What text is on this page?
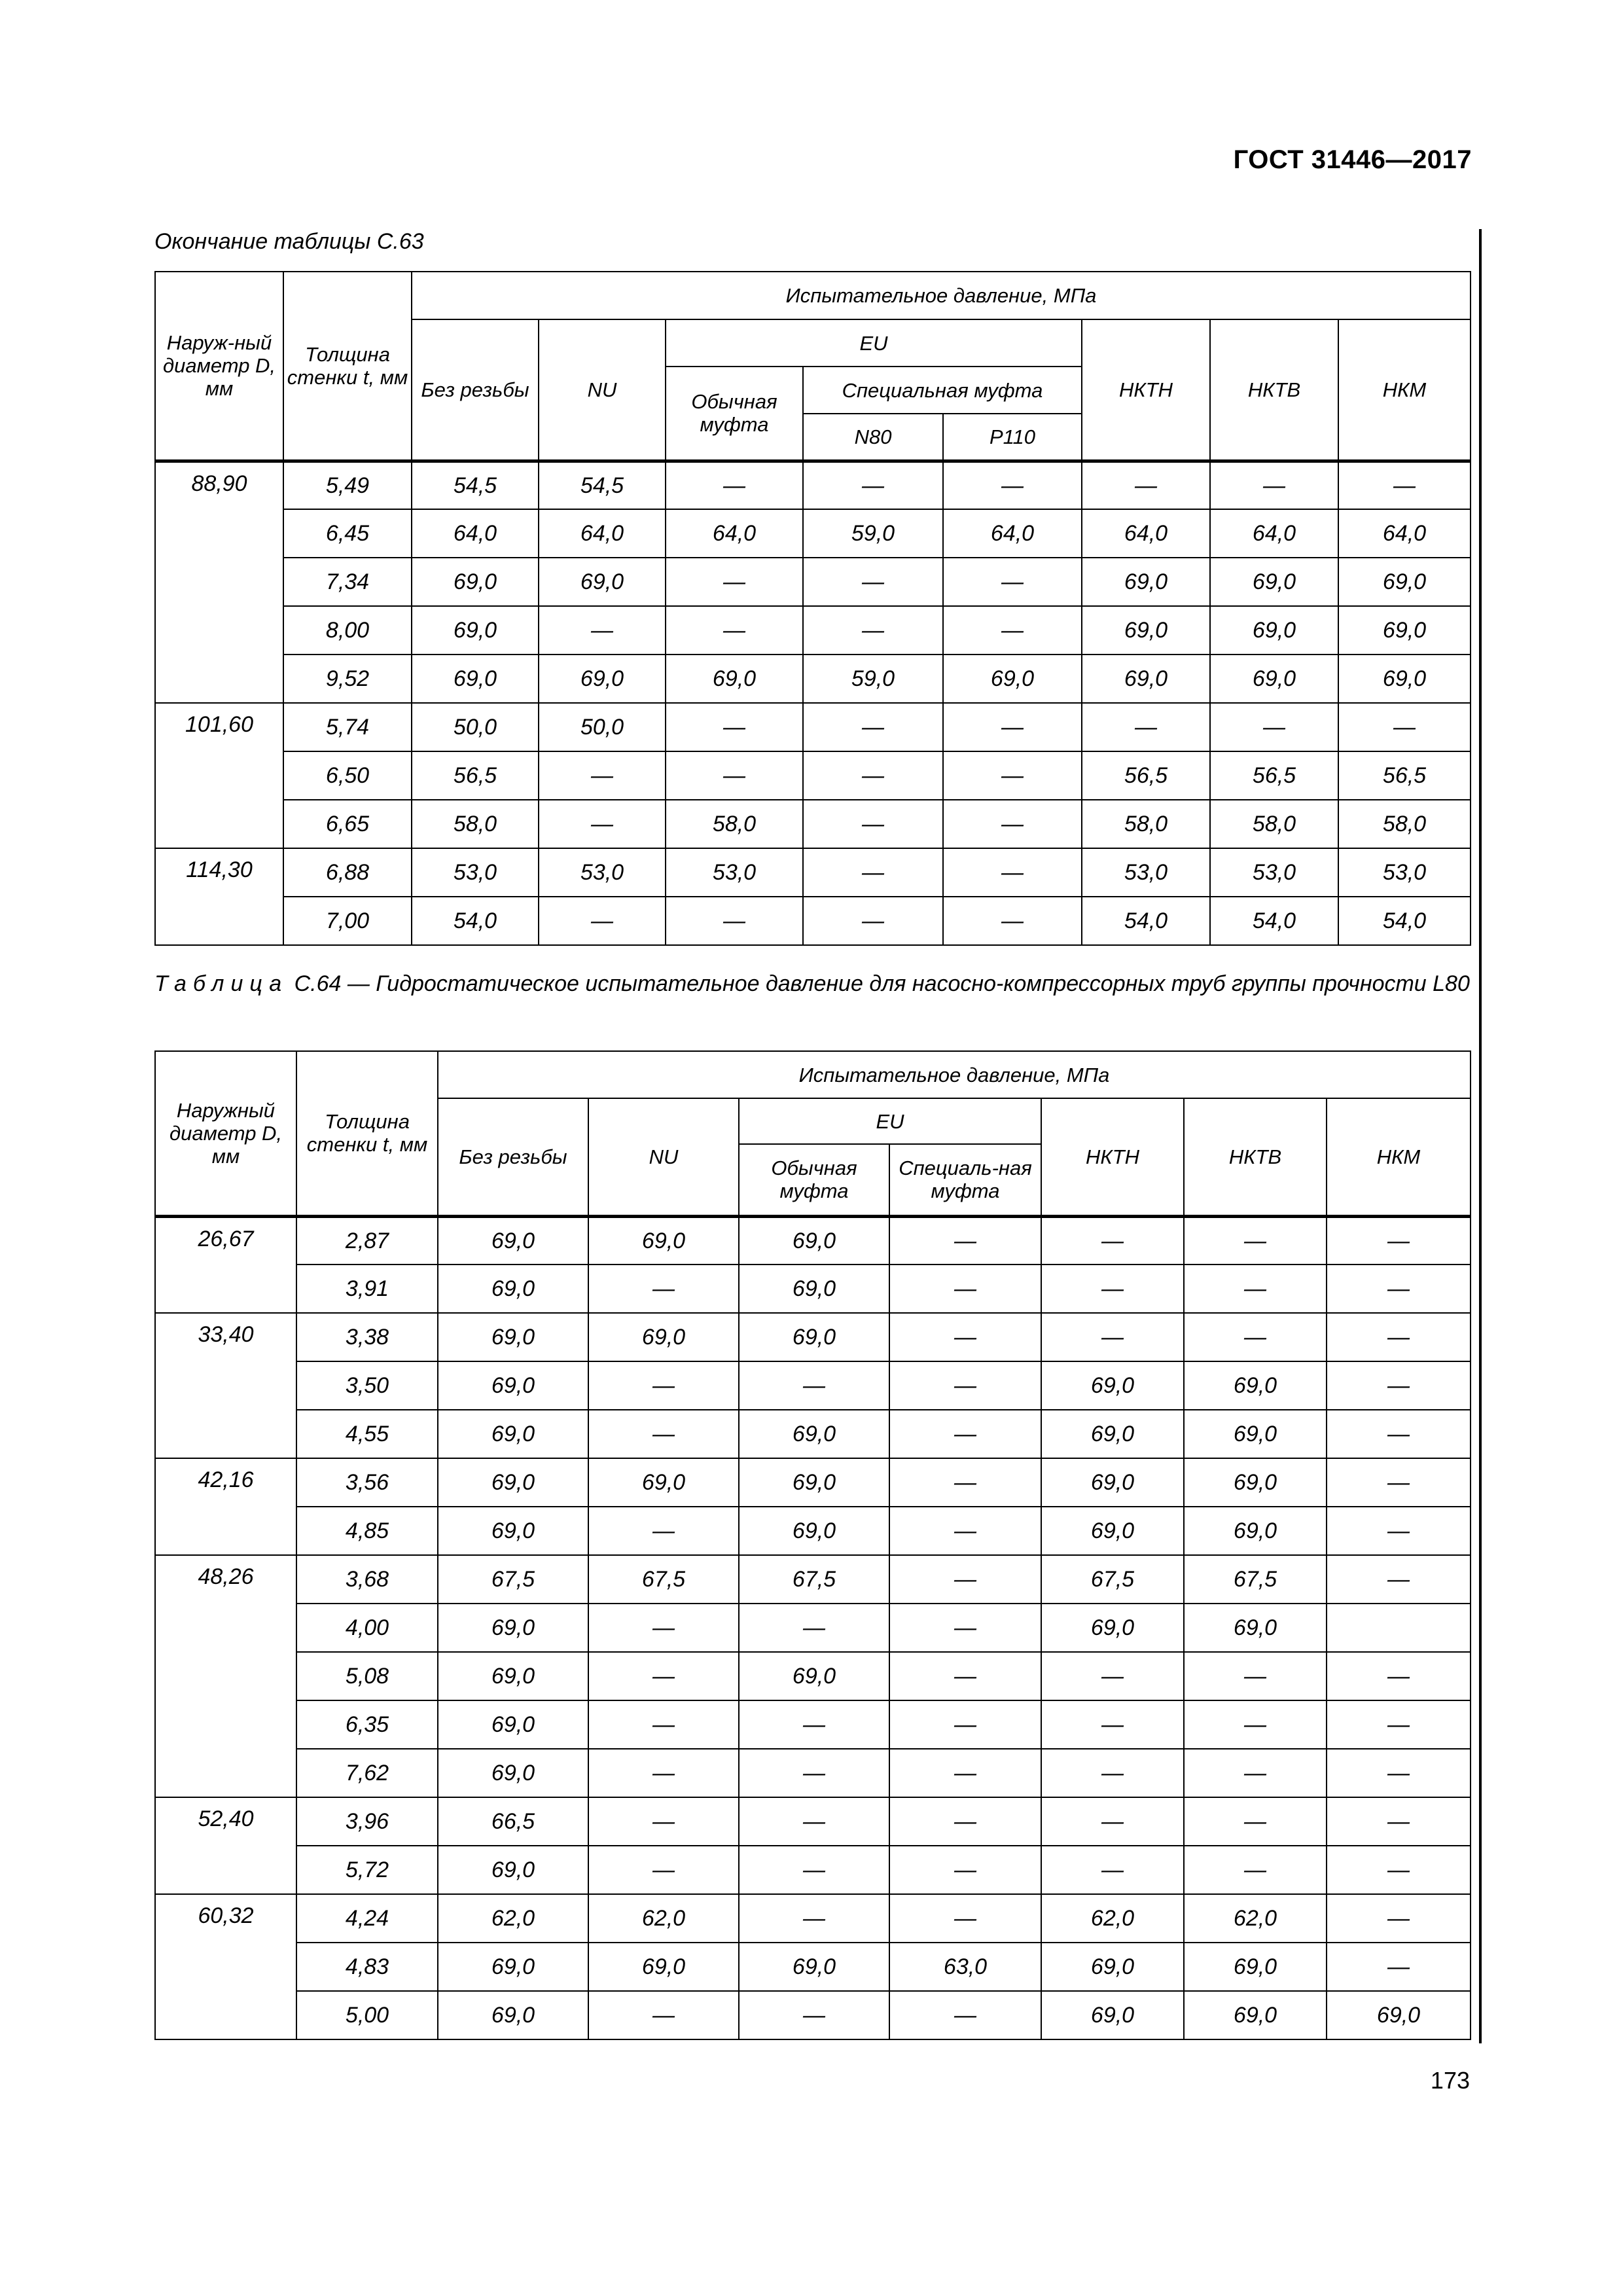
ГОСТ 31446—2017
Окончание таблицы С.63
Наруж-ный диаметр D, мм	Толщина стенки t, мм	Испытательное давление, МПа							
		Без резьбы	NU	EU			НКТН	НКТВ	НКМ
				Обычная муфта	Специальная муфта				
					N80	P110			
88,90	5,49	54,5	54,5	—	—	—	—	—	—
	6,45	64,0	64,0	64,0	59,0	64,0	64,0	64,0	64,0
	7,34	69,0	69,0	—	—	—	69,0	69,0	69,0
	8,00	69,0	—	—	—	—	69,0	69,0	69,0
	9,52	69,0	69,0	69,0	59,0	69,0	69,0	69,0	69,0
101,60	5,74	50,0	50,0	—	—	—	—	—	—
	6,50	56,5	—	—	—	—	56,5	56,5	56,5
	6,65	58,0	—	58,0	—	—	58,0	58,0	58,0
114,30	6,88	53,0	53,0	53,0	—	—	53,0	53,0	53,0
	7,00	54,0	—	—	—	—	54,0	54,0	54,0
Таблица С.64 — Гидростатическое испытательное давление для насосно-компрессорных труб группы прочности L80
Наружный диаметр D, мм	Толщина стенки t, мм	Испытательное давление, МПа						
		Без резьбы	NU	EU		НКТН	НКТВ	НКМ
				Обычная муфта	Специаль-ная муфта			
26,67	2,87	69,0	69,0	69,0	—	—	—	—
	3,91	69,0	—	69,0	—	—	—	—
33,40	3,38	69,0	69,0	69,0	—	—	—	—
	3,50	69,0	—	—	—	69,0	69,0	—
	4,55	69,0	—	69,0	—	69,0	69,0	—
42,16	3,56	69,0	69,0	69,0	—	69,0	69,0	—
	4,85	69,0	—	69,0	—	69,0	69,0	—
48,26	3,68	67,5	67,5	67,5	—	67,5	67,5	—
	4,00	69,0	—	—	—	69,0	69,0	
	5,08	69,0	—	69,0	—	—	—	—
	6,35	69,0	—	—	—	—	—	—
	7,62	69,0	—	—	—	—	—	—
52,40	3,96	66,5	—	—	—	—	—	—
	5,72	69,0	—	—	—	—	—	—
60,32	4,24	62,0	62,0	—	—	62,0	62,0	—
	4,83	69,0	69,0	69,0	63,0	69,0	69,0	—
	5,00	69,0	—	—	—	69,0	69,0	69,0
173
